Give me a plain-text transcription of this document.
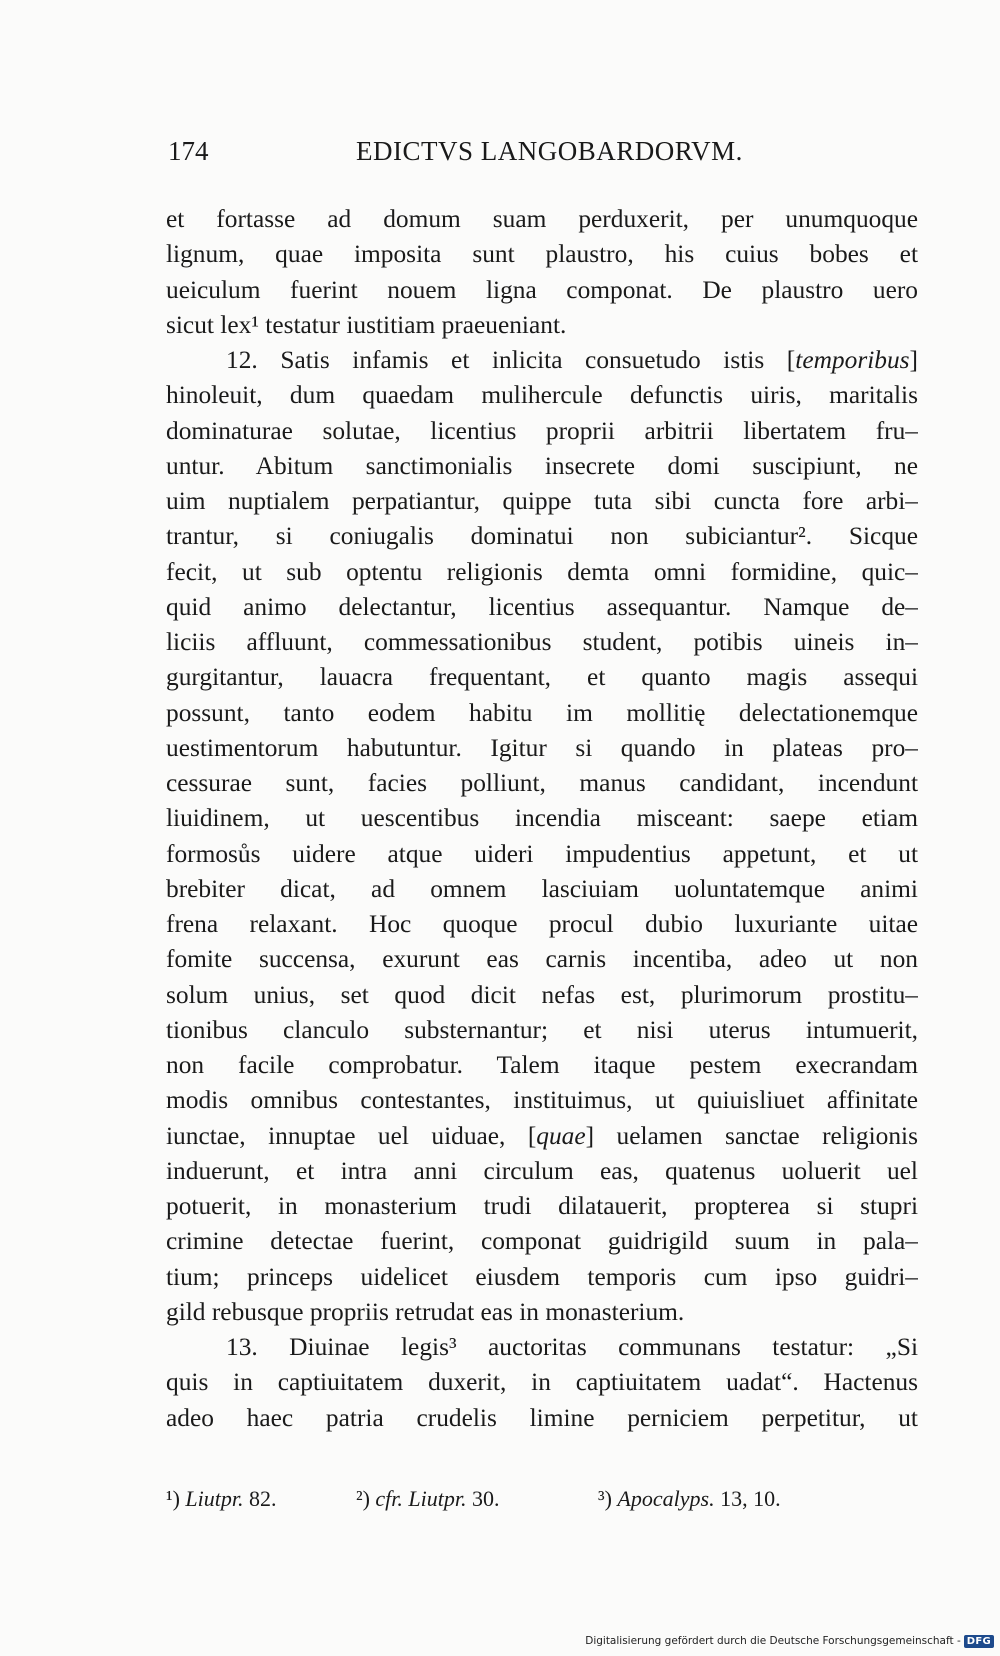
174	EDICTVS LANGOBARDORVM.
et fortasse ad domum suam perduxerit, per unumquoque
lignum, quae imposita sunt plaustro, his cuius bobes et
ueiculum fuerint nouem ligna componat. De plaustro uero
sicut lex¹ testatur iustitiam praeueniant.
12. Satis infamis et inlicita consuetudo istis [temporibus]
hinoleuit, dum quaedam mulihercule defunctis uiris, maritalis
dominaturae solutae, licentius proprii arbitrii libertatem fru–
untur. Abitum sanctimonialis insecrete domi suscipiunt, ne
uim nuptialem perpatiantur, quippe tuta sibi cuncta fore arbi–
trantur, si coniugalis dominatui non subiciantur². Sicque
fecit, ut sub optentu religionis demta omni formidine, quic–
quid animo delectantur, licentius assequantur. Namque de–
liciis affluunt, commessationibus student, potibis uineis in–
gurgitantur, lauacra frequentant, et quanto magis assequi
possunt, tanto eodem habitu im mollitię delectationemque
uestimentorum habutuntur. Igitur si quando in plateas pro–
cessurae sunt, facies polliunt, manus candidant, incendunt
liuidinem, ut uescentibus incendia misceant: saepe etiam
formosůs uidere atque uideri impudentius appetunt, et ut
brebiter dicat, ad omnem lasciuiam uoluntatemque animi
frena relaxant. Hoc quoque procul dubio luxuriante uitae
fomite succensa, exurunt eas carnis incentiba, adeo ut non
solum unius, set quod dicit nefas est, plurimorum prostitu–
tionibus clanculo substernantur; et nisi uterus intumuerit,
non facile comprobatur. Talem itaque pestem execrandam
modis omnibus contestantes, instituimus, ut quiuisliuet affinitate
iunctae, innuptae uel uiduae, [quae] uelamen sanctae religionis
induerunt, et intra anni circulum eas, quatenus uoluerit uel
potuerit, in monasterium trudi dilatauerit, propterea si stupri
crimine detectae fuerint, componat guidrigild suum in pala–
tium; princeps uidelicet eiusdem temporis cum ipso guidri–
gild rebusque propriis retrudat eas in monasterium.
13. Diuinae legis³ auctoritas communans testatur: „Si
quis in captiuitatem duxerit, in captiuitatem uadat“. Hactenus
adeo haec patria crudelis limine perniciem perpetitur, ut
¹) Liutpr. 82.	²) cfr. Liutpr. 30.	³) Apocalyps. 13, 10.
Digitalisierung gefördert durch die Deutsche Forschungsgemeinschaft - DFG
